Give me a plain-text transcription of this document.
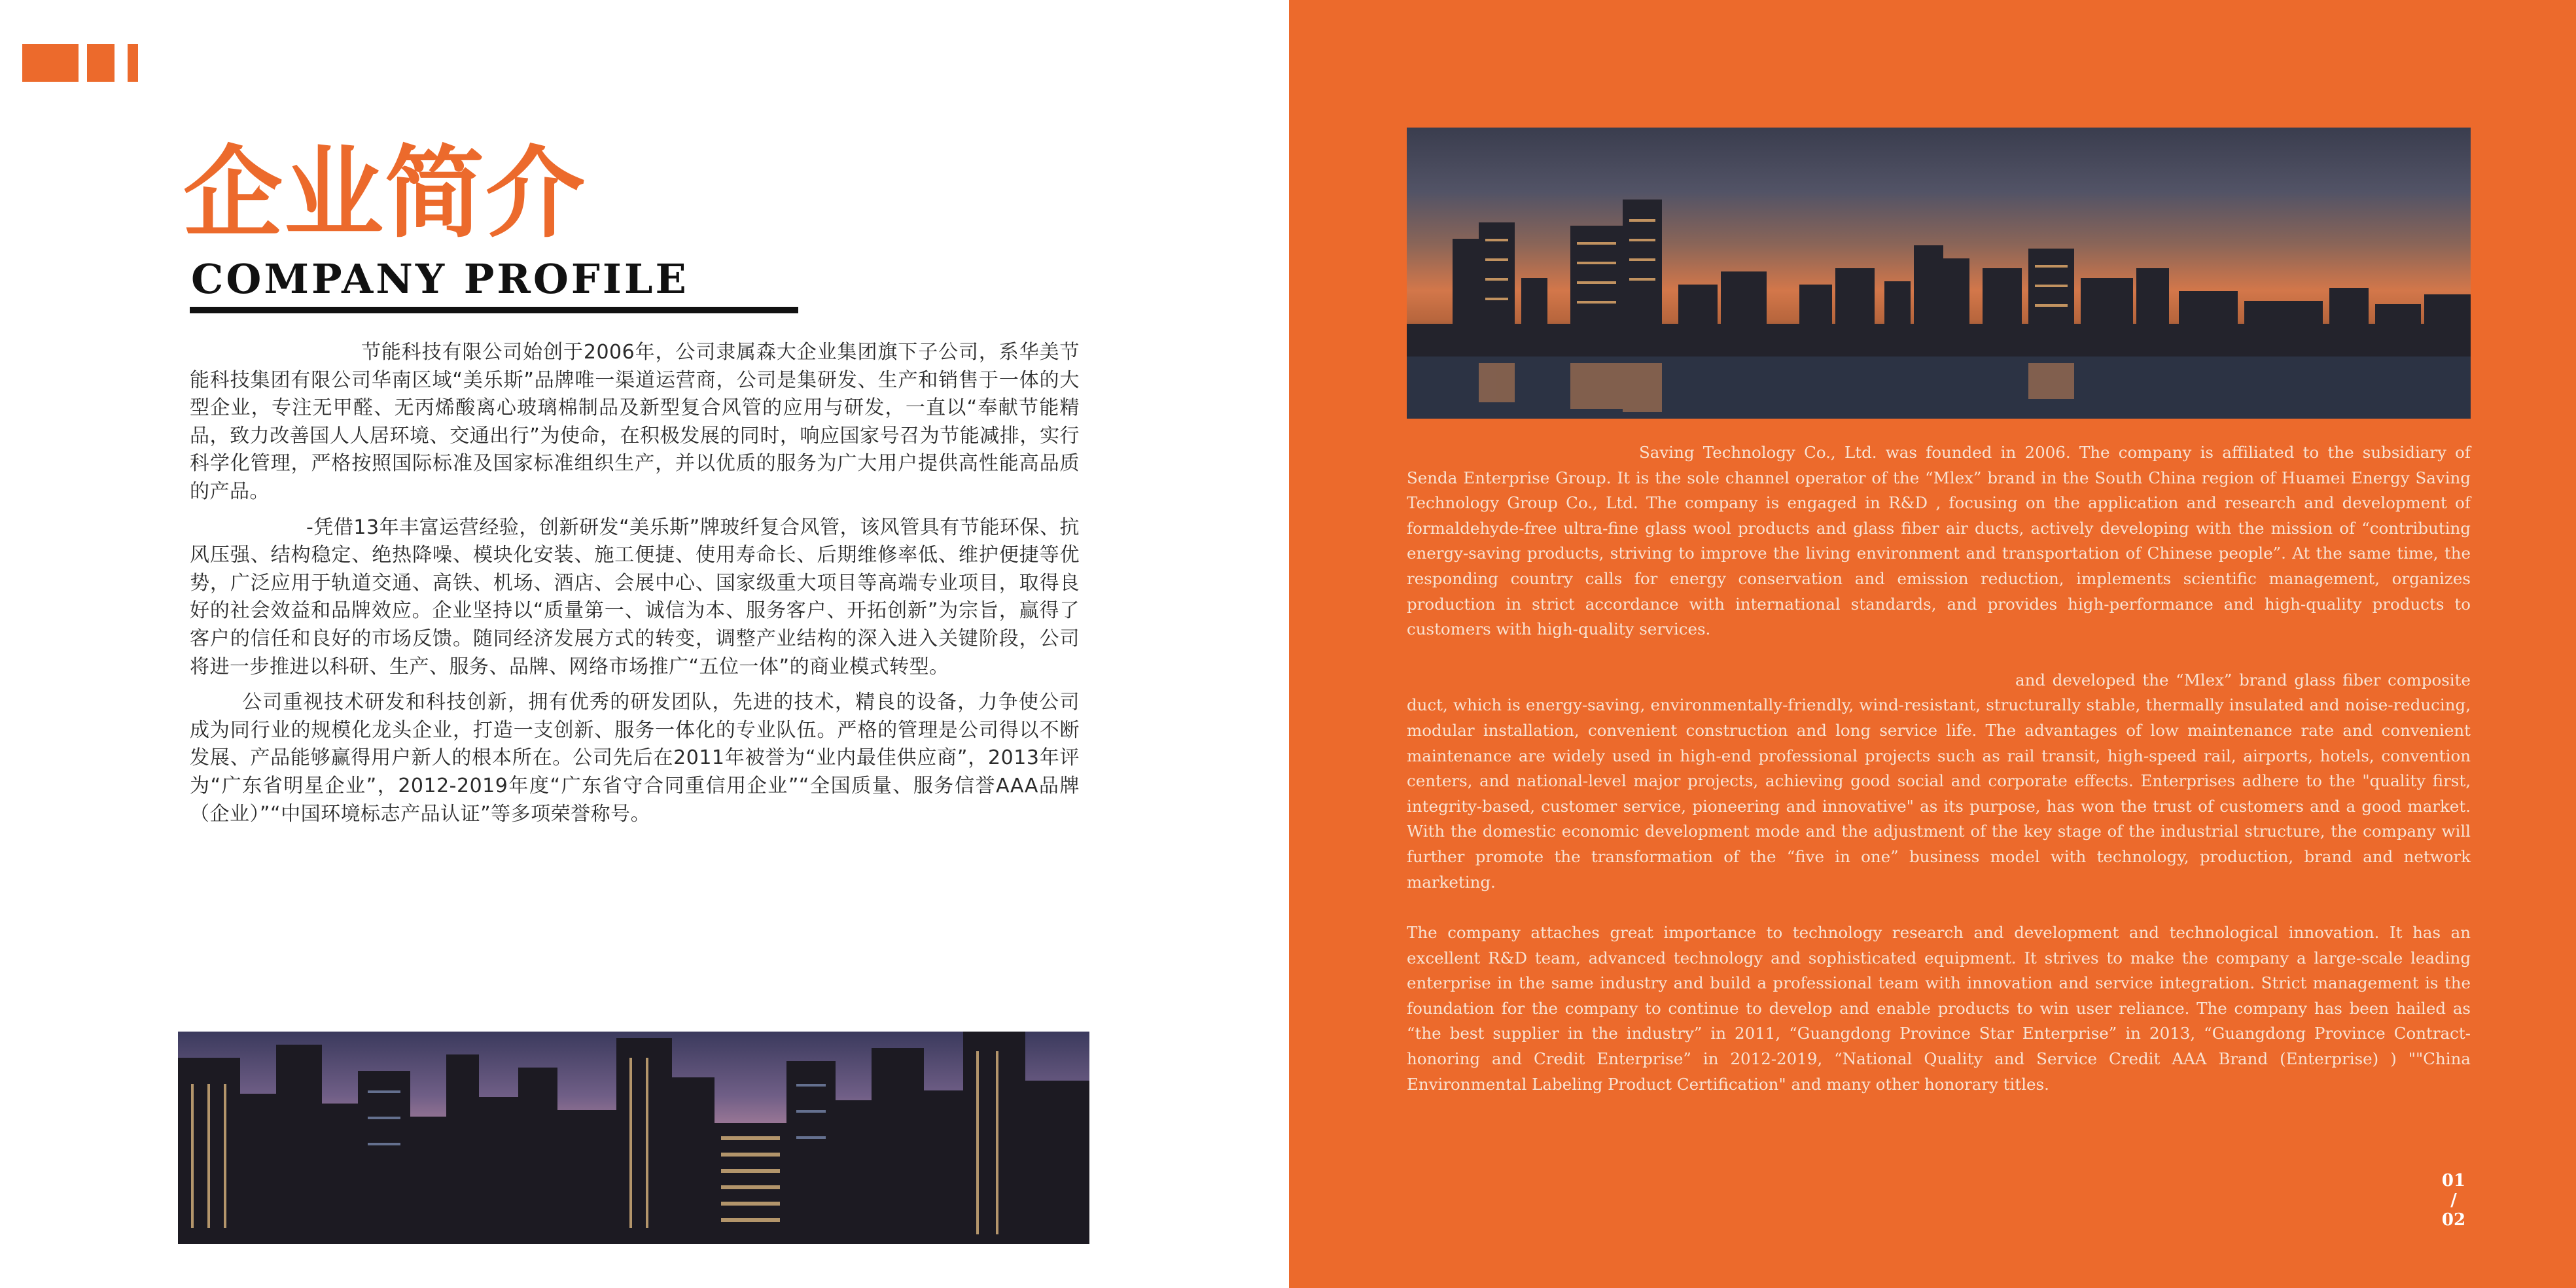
企业简介
COMPANY PROFILE

节能科技有限公司始创于2006年，公司隶属森大企业集团旗下子公司，系华美节能科技集团有限公司华南区域“美乐斯”品牌唯一渠道运营商，公司是集研发、生产和销售于一体的大型企业，专注无甲醛、无丙烯酸离心玻璃棉制品及新型复合风管的应用与研发，一直以“奉献节能精品，致力改善国人人居环境、交通出行”为使命，在积极发展的同时，响应国家号召为节能减排，实行科学化管理，严格按照国际标准及国家标准组织生产，并以优质的服务为广大用户提供高性能高品质的产品。

-凭借13年丰富运营经验，创新研发“美乐斯”牌玻纤复合风管，该风管具有节能环保、抗风压强、结构稳定、绝热降噪、模块化安装、施工便捷、使用寿命长、后期维修率低、维护便捷等优势，广泛应用于轨道交通、高铁、机场、酒店、会展中心、国家级重大项目等高端专业项目，取得良好的社会效益和品牌效应。企业坚持以“质量第一、诚信为本、服务客户、开拓创新”为宗旨，赢得了客户的信任和良好的市场反馈。随同经济发展方式的转变，调整产业结构的深入进入关键阶段，公司将进一步推进以科研、生产、服务、品牌、网络市场推广“五位一体”的商业模式转型。

公司重视技术研发和科技创新，拥有优秀的研发团队，先进的技术，精良的设备，力争使公司成为同行业的规模化龙头企业，打造一支创新、服务一体化的专业队伍。严格的管理是公司得以不断发展、产品能够赢得用户新人的根本所在。公司先后在2011年被誉为“业内最佳供应商”，2013年评为“广东省明星企业”，2012-2019年度“广东省守合同重信用企业”“全国质量、服务信誉AAA品牌（企业）”“中国环境标志产品认证”等多项荣誉称号。

Saving Technology Co., Ltd. was founded in 2006. The company is affiliated to the subsidiary of Senda Enterprise Group. It is the sole channel operator of the “Mlex” brand in the South China region of Huamei Energy Saving Technology Group Co., Ltd. The company is engaged in R&D , focusing on the application and research and development of formaldehyde-free ultra-fine glass wool products and glass fiber air ducts, actively developing with the mission of “contributing energy-saving products, striving to improve the living environment and transportation of Chinese people”. At the same time, the responding country calls for energy conservation and emission reduction, implements scientific management, organizes production in strict accordance with international standards, and provides high-performance and high-quality products to customers with high-quality services.

and developed the “Mlex” brand glass fiber composite duct, which is energy-saving, environmentally-friendly, wind-resistant, structurally stable, thermally insulated and noise-reducing, modular installation, convenient construction and long service life. The advantages of low maintenance rate and convenient maintenance are widely used in high-end professional projects such as rail transit, high-speed rail, airports, hotels, convention centers, and national-level major projects, achieving good social and corporate effects. Enterprises adhere to the "quality first, integrity-based, customer service, pioneering and innovative" as its purpose, has won the trust of customers and a good market. With the domestic economic development mode and the adjustment of the key stage of the industrial structure, the company will further promote the transformation of the “five in one” business model with technology, production, brand and network marketing.

The company attaches great importance to technology research and development and technological innovation. It has an excellent R&D team, advanced technology and sophisticated equipment. It strives to make the company a large-scale leading enterprise in the same industry and build a professional team with innovation and service integration. Strict management is the foundation for the company to continue to develop and enable products to win user reliance. The company has been hailed as “the best supplier in the industry” in 2011, “Guangdong Province Star Enterprise” in 2013, “Guangdong Province Contract-honoring and Credit Enterprise” in 2012-2019, “National Quality and Service Credit AAA Brand (Enterprise) ) ""China Environmental Labeling Product Certification" and many other honorary titles.

01
/
02
